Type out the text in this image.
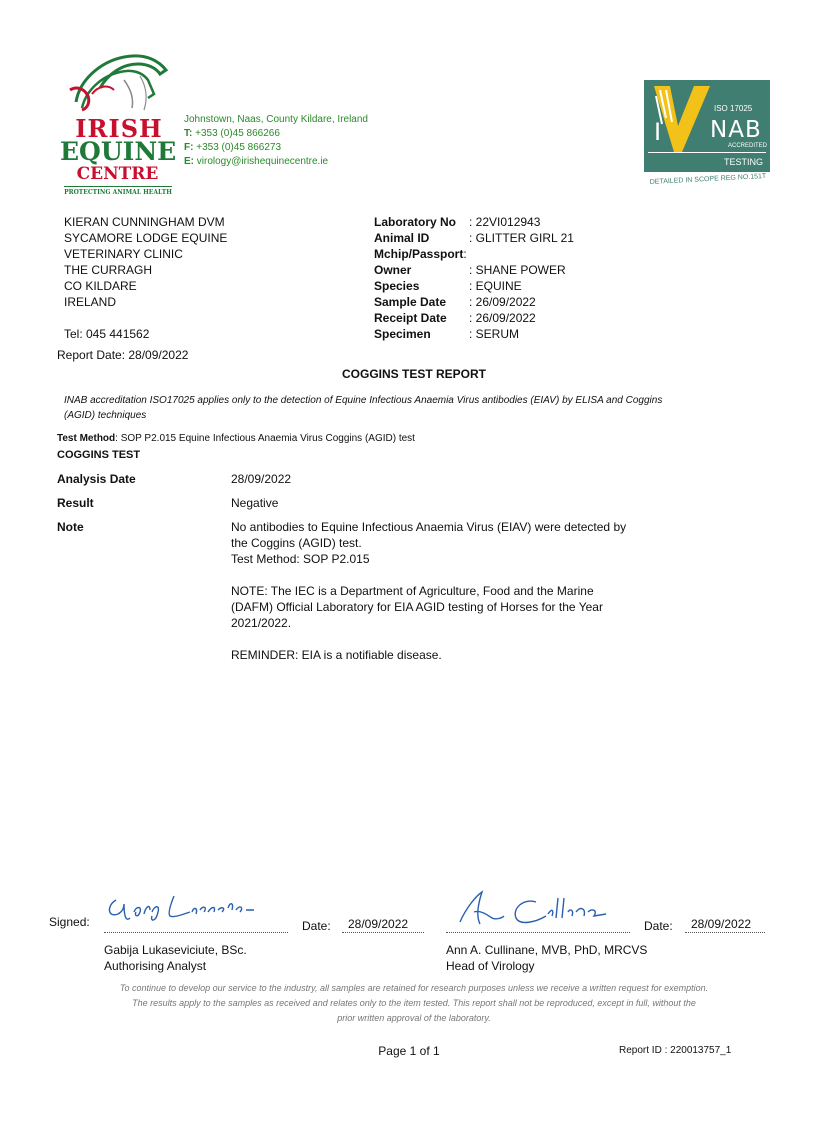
IRISH
EQUINE
CENTRE
PROTECTING ANIMAL HEALTH
Johnstown, Naas, County Kildare, Ireland
T: +353 (0)45 866266
F: +353 (0)45 866273
E: virology@irishequinecentre.ie
ISO 17025
I NAB
ACCREDITED
TESTING
DETAILED IN SCOPE REG NO.151T
KIERAN CUNNINGHAM DVM
SYCAMORE LODGE EQUINE
VETERINARY CLINIC
THE CURRAGH
CO KILDARE
IRELAND
Tel: 045 441562
Laboratory No	: 22VI012943
Animal ID	: GLITTER GIRL 21
Mchip/Passport :
Owner	: SHANE POWER
Species	: EQUINE
Sample Date	: 26/09/2022
Receipt Date	: 26/09/2022
Specimen	: SERUM
Report Date: 28/09/2022
COGGINS TEST REPORT
INAB accreditation ISO17025 applies only to the detection of Equine Infectious Anaemia Virus antibodies (EIAV) by ELISA and Coggins (AGID) techniques
Test Method: SOP P2.015 Equine Infectious Anaemia Virus Coggins (AGID) test
COGGINS TEST
Analysis Date	28/09/2022
Result	Negative
Note	No antibodies to Equine Infectious Anaemia Virus (EIAV) were detected by the Coggins (AGID) test.
Test Method: SOP P2.015
NOTE: The IEC is a Department of Agriculture, Food and the Marine (DAFM) Official Laboratory for EIA AGID testing of Horses for the Year 2021/2022.
REMINDER: EIA is a notifiable disease.
Signed:	Date:	28/09/2022
Gabija Lukaseviciute, BSc.
Authorising Analyst
Date:	28/09/2022
Ann A. Cullinane, MVB, PhD, MRCVS
Head of Virology
To continue to develop our service to the industry, all samples are retained for research purposes unless we receive a written request for exemption.
The results apply to the samples as received and relates only to the item tested. This report shall not be reproduced, except in full, without the prior written approval of the laboratory.
Page 1 of 1	Report ID : 220013757_1
